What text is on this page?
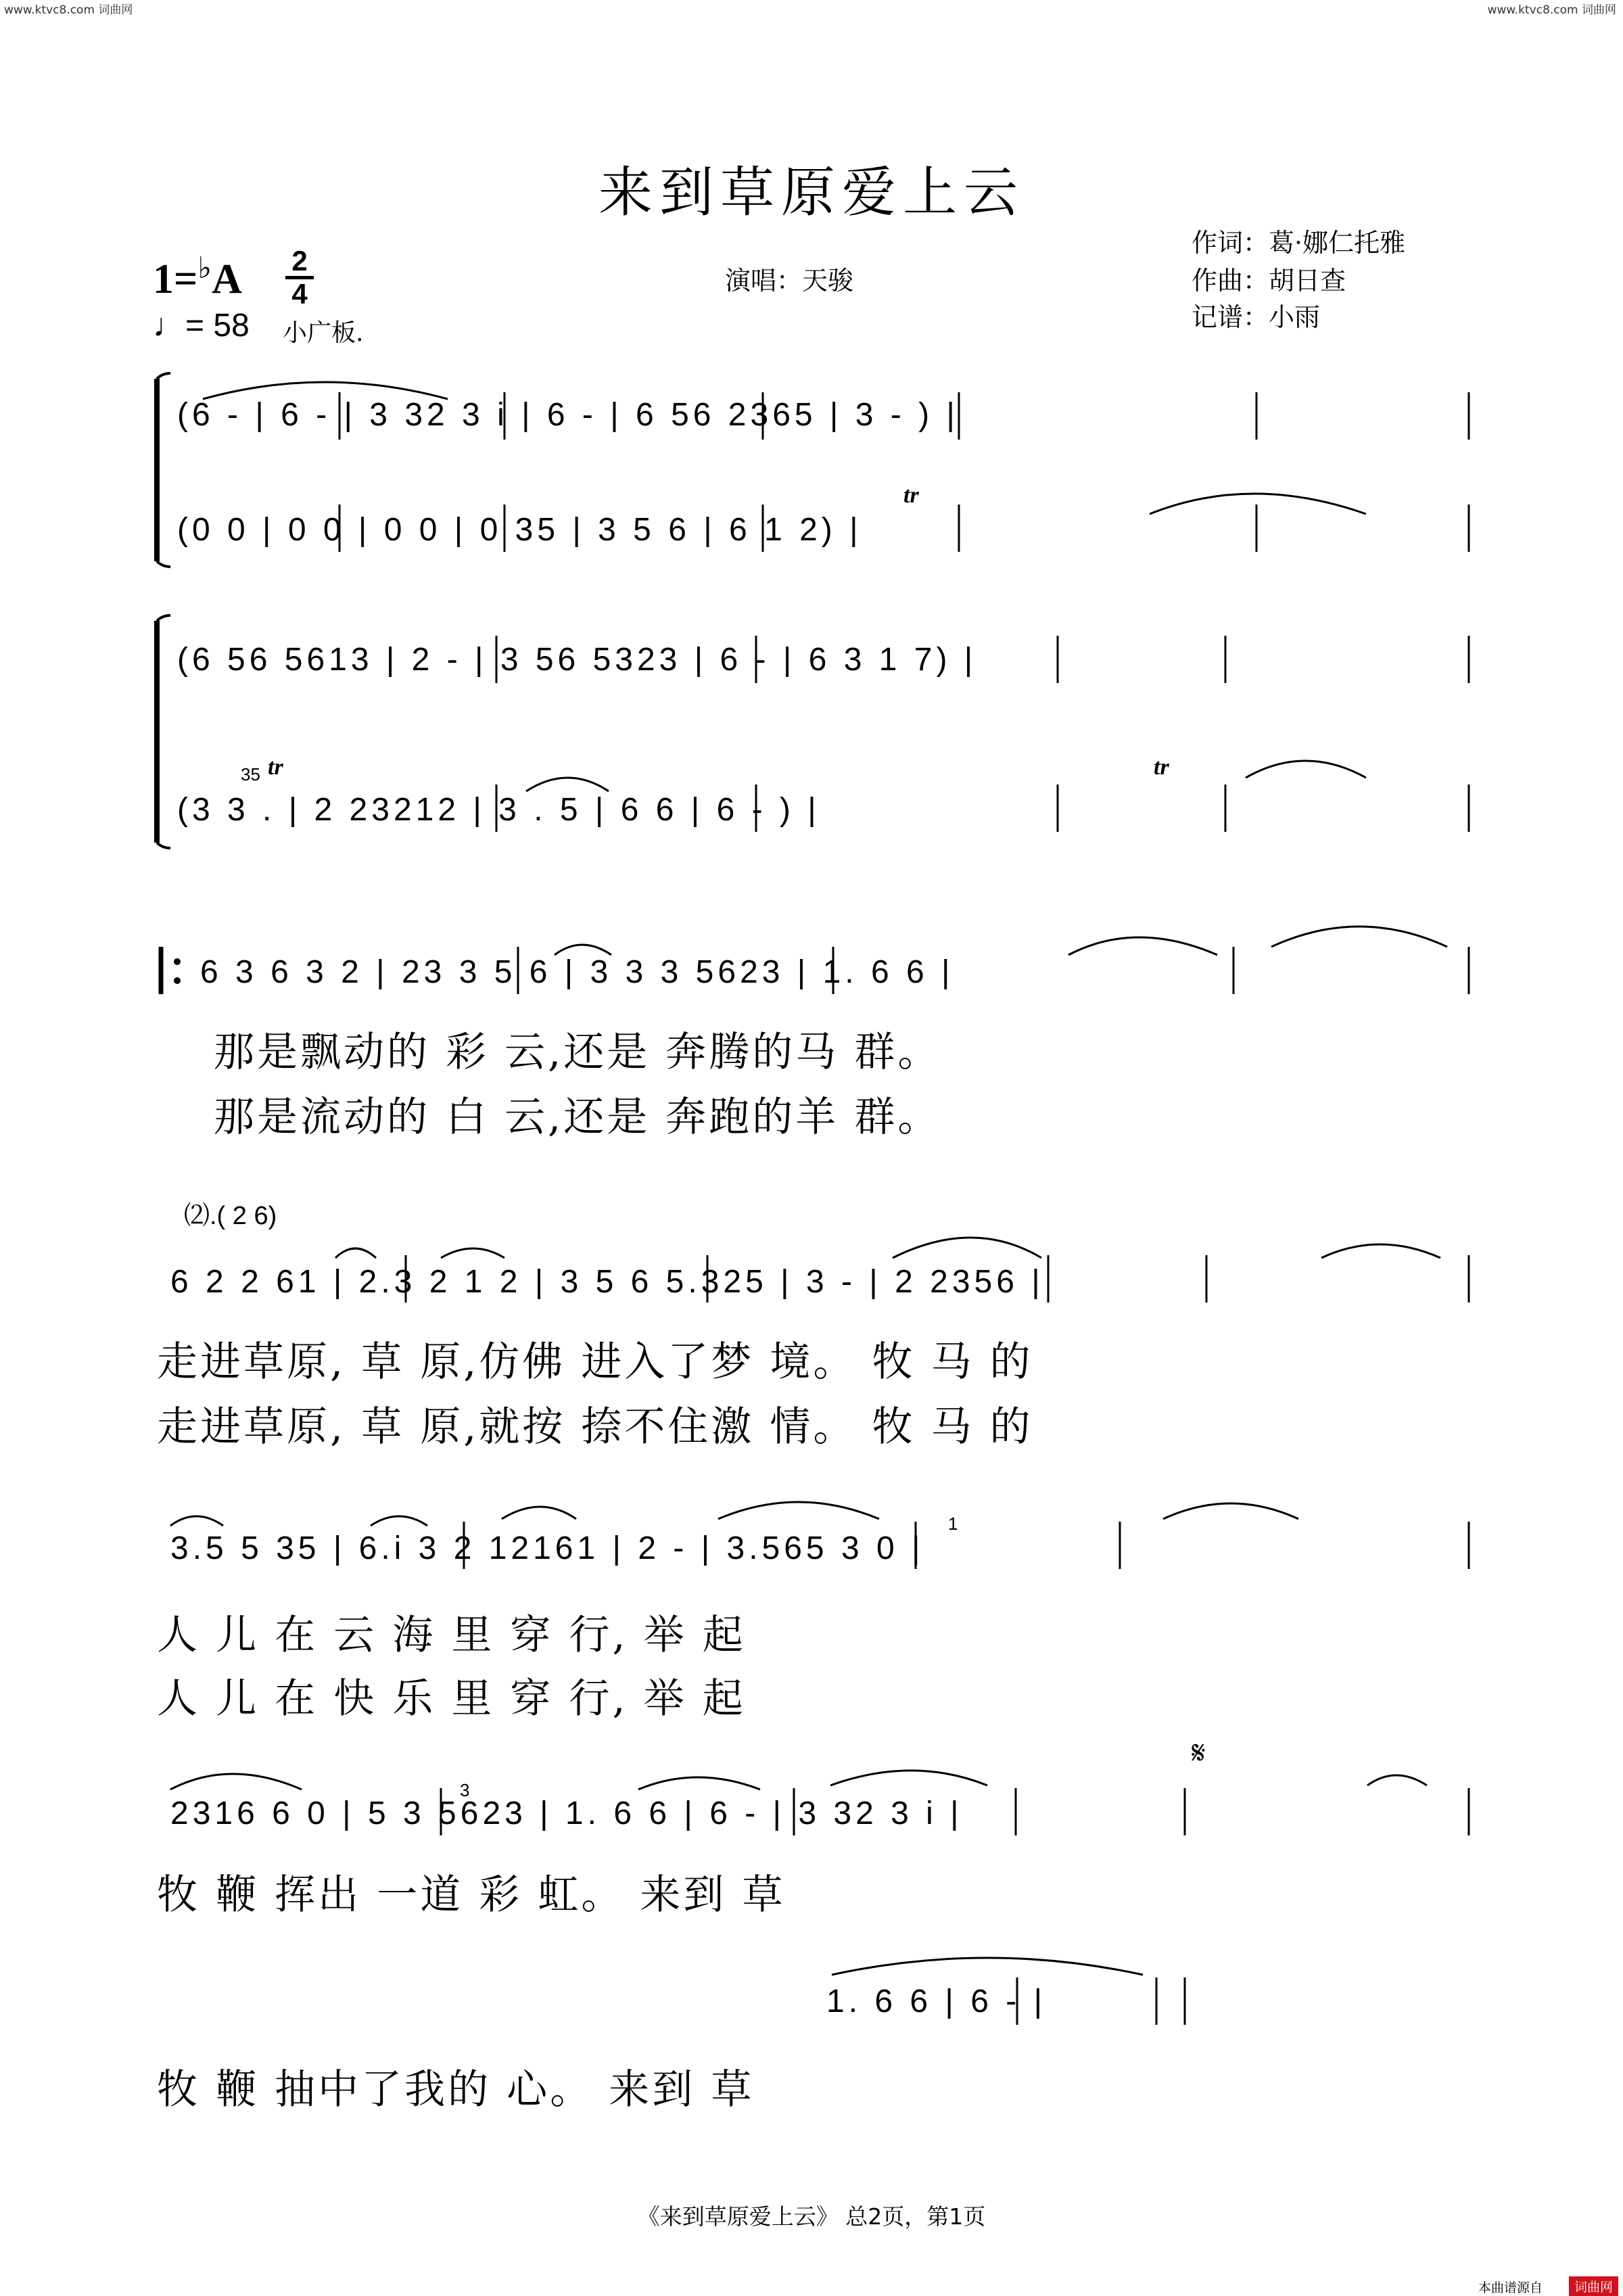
www.ktvc8.com 词曲网	www.ktvc8.com 词曲网
来到草原爱上云
作词：葛·娜仁托雅
作曲：胡日查
记谱：小雨
演唱：天骏
1=♭A	2
4
♩= 58 小广板.
(6 - | 6 - | 3 32 3 i | 6 - | 6 56 2365 | 3 - ) |
(0 0 | 0 0 | 0 0 | 0 35 | 3 5 6 | 6 1 2) |
tr
(6 56 5613 | 2 - | 3 56 5323 | 6 - | 6 3 1 7) |
(3 3 . | 2 23212 | 3 . 5 | 6 6 | 6 - ) |
35 tr	tr
6 3 6 3 2 | 23 3 5 6 | 3 3 3 5623 | 1. 6 6 |
那是飘动的 彩 云,还是 奔腾的马 群。
那是流动的 白 云,还是 奔跑的羊 群。
⑵.( 2 6)
6 2 2 61 | 2.3 2 1 2 | 3 5 6 5.325 | 3 - | 2 2356 |
走进草原, 草 原,仿佛 进入了梦 境。 牧 马 的
走进草原, 草 原,就按 捺不住激 情。 牧 马 的
3.5 5 35 | 6.i 3 2 12161 | 2 - | 3.565 3 0 |
1
人 儿 在 云 海 里 穿 行, 举 起
人 儿 在 快 乐 里 穿 行, 举 起
𝄋
2316 6 0 | 5 3 5623 | 1. 6 6 | 6 - | 3 32 3 i |
3
牧 鞭 挥出 一道 彩 虹。 来到 草
1. 6 6 | 6 - |
牧 鞭 抽中了我的 心。 来到 草
《来到草原爱上云》 总2页，第1页
本曲谱源自	词曲网
